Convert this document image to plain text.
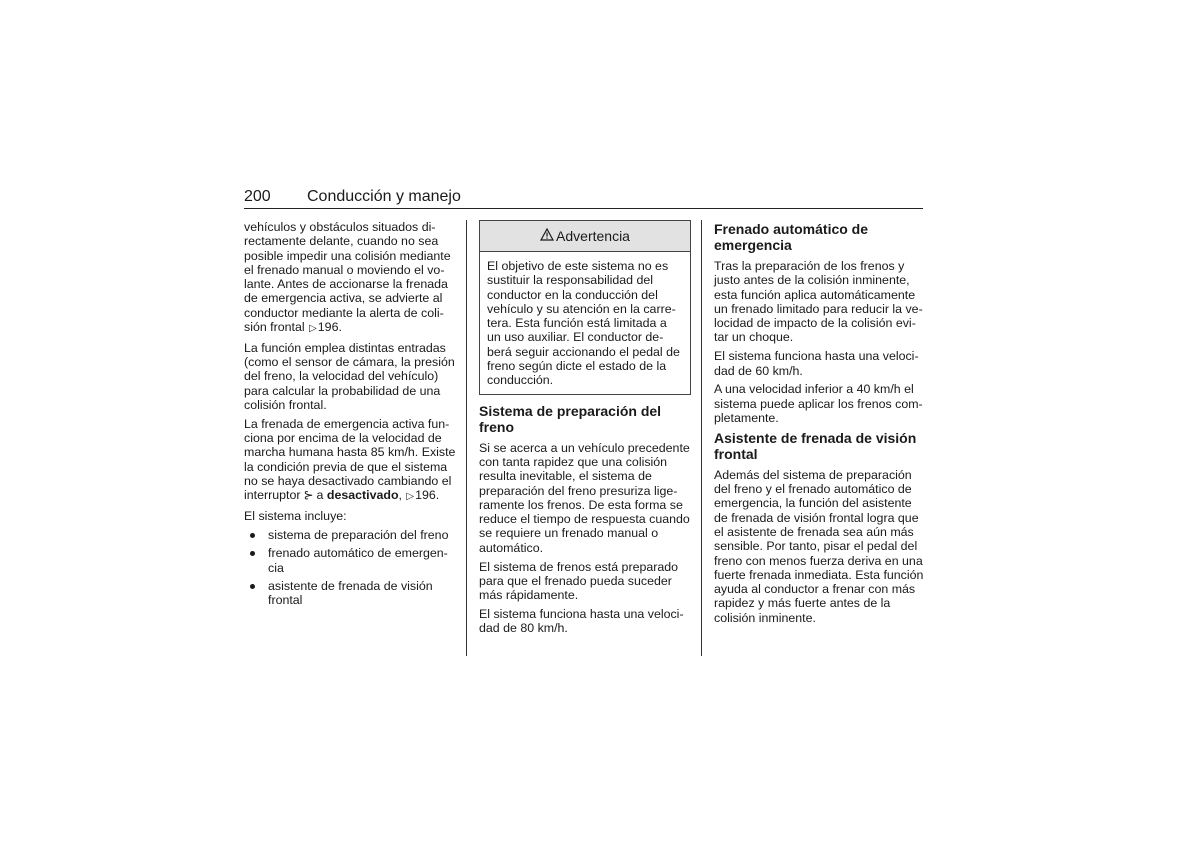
200 Conducción y manejo

vehículos y obstáculos situados directamente delante, cuando no sea posible impedir una colisión mediante el frenado manual o moviendo el volante. Antes de accionarse la frenada de emergencia activa, se advierte al conductor mediante la alerta de colisión frontal ▷196.

La función emplea distintas entradas (como el sensor de cámara, la presión del freno, la velocidad del vehículo) para calcular la probabilidad de una colisión frontal.

La frenada de emergencia activa funciona por encima de la velocidad de marcha humana hasta 85 km/h. Existe la condición previa de que el sistema no se haya desactivado cambiando el interruptor ⊱ a desactivado, ▷196.

El sistema incluye:

sistema de preparación del freno
frenado automático de emergencia
asistente de frenada de visión frontal
Advertencia
El objetivo de este sistema no es sustituir la responsabilidad del conductor en la conducción del vehículo y su atención en la carretera. Esta función está limitada a un uso auxiliar. El conductor deberá seguir accionando el pedal de freno según dicte el estado de la conducción.
Sistema de preparación del freno

Si se acerca a un vehículo precedente con tanta rapidez que una colisión resulta inevitable, el sistema de preparación del freno presuriza ligeramente los frenos. De esta forma se reduce el tiempo de respuesta cuando se requiere un frenado manual o automático.

El sistema de frenos está preparado para que el frenado pueda suceder más rápidamente.

El sistema funciona hasta una velocidad de 80 km/h.

Frenado automático de emergencia

Tras la preparación de los frenos y justo antes de la colisión inminente, esta función aplica automáticamente un frenado limitado para reducir la velocidad de impacto de la colisión evitar un choque.

El sistema funciona hasta una velocidad de 60 km/h.

A una velocidad inferior a 40 km/h el sistema puede aplicar los frenos completamente.

Asistente de frenada de visión frontal

Además del sistema de preparación del freno y el frenado automático de emergencia, la función del asistente de frenada de visión frontal logra que el asistente de frenada sea aún más sensible. Por tanto, pisar el pedal del freno con menos fuerza deriva en una fuerte frenada inmediata. Esta función ayuda al conductor a frenar con más rapidez y más fuerte antes de la colisión inminente.
